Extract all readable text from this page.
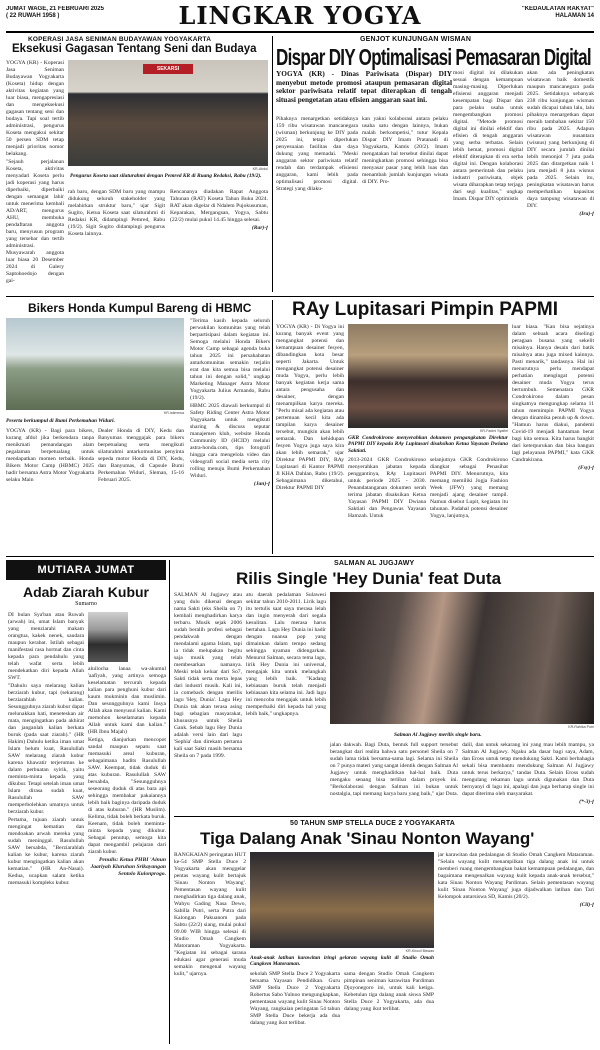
JUMAT WAGE, 21 FEBRUARI 2025
( 22 RUWAH 1958 )	LINGKAR YOGYA	"KEDAULATAN RAKYAT"
HALAMAN 14
KOPERASI JASA SENIMAN BUDAYAWAN YOGYAKARTA
Eksekusi Gagasan Tentang Seni dan Budaya

YOGYA (KR) - Koperasi Jasa Seniman Budayawan Yogyakarta (Koseta) hidup dengan aktivitas kegiatan yang luar biasa, mengapresiasi dan mengeksekusi gagasan tentang seni dan budaya. Tapi soal tertib administrasi, pengurus Koseta mengakui sekitar 50 persen SDM tetap menjadi prioritas nomor belakang.

"Sejauh perjalanan Koseta, aktivitas menyadari Koseta perlu jadi koperasi yang harus diperbaiki, diperbaiki dengan semangat lahir untuk menerima kembali AD/ART, mengurus AHU, membuka pendaftaran anggota baru, menyusun program yang tersebar dan tertib administrasi. Musyawarah anggota luar biasa 20 Desember 2024 di Galery Saptohoedojo dengan gai-

SEKARSI
KR-Abdul
Pengurus Koseta saat silaturahmi dengan Pemred KR di Ruang Redaksi, Rabu (19/2).

rah baru, dengan SDM baru yang mampu didukung seluruh stakeholder yang melahirkan struktur baru," ujar Sigit Sugito, Ketua Koseta saat silaturahmi di Redaksi KR, didampingi Pemred, Rabu (19/2). Sigit Sugito didampingi pengurus Koseta lainnya.

Rencananya diadakan Rapat Anggota Tahunan (RAT) Koseta Tahun Buku 2024. RAT akan digelar di Ndalem Pujokusuman, Keparakan, Mergangsan, Yogya, Sabtu (22/2) mulai pukul 14.45 hingga selesai.

(Rar)-f

GENJOT KUNJUNGAN WISMAN
Dispar DIY Optimalisasi Pemasaran Digital
YOGYA (KR) - Dinas Pariwisata (Dispar) DIY menyebut metode promosi ataupun pemasaran digital sektor pariwisata relatif tepat diterapkan di tengah situasi pengetatan atau efisien anggaran saat ini.

Pihaknya menargetkan setidaknya 159 ribu wisatawan mancanegara (wisman) berkunjung ke DIY pada 2025 ini, tetapi diperlukan penyesuaian fasilitas dan daya dukung yang memadai. "Meski anggaran sektor pariwisata relatif rendah dan terdampak efisiensi anggaran, kami lebih pada optimalisasi promosi digital. Strategi yang dilaku-

kan yakni kolaborasi antara pelaku usaha satu dengan lainnya, bukan malah berkompetisi," tutur Kepala Dispar DIY Imam Pratanadi di Yogyakarta, Kamis (20/2). Imam mengatakan hal tersebut dinilai dapat meningkatkan promosi sehingga bisa menyasar pasar yang lebih luas dan menambah jumlah kunjungan wisata di DIY. Pro-

mosi digital ini dilakukan sesuai dengan kemampuan masing-masing. Diperlukan efisiensi anggaran menjadi kesempatan bagi Dispar dan para pelaku usaha untuk mengembangkan promosi digital. "Metode promosi digital ini dinilai efektif dan efisien di tengah anggaran yang serba terbatas. Selain lebih hemat, promosi digital efektif diterapkan di era serba digital ini. Dengan kolaborasi antara pemerintah dan pelaku industri pariwisata, objek wisata diharapkan tetap terjaga dari segi kualitas," ungkap Imam. Dispar DIY optimistis

akan ada peningkatan wisatawan baik domestik maupun mancanegara pada 2025. Setidaknya sebanyak 238 ribu kunjungan wisman sudah dicapai tahun lalu, lalu pihaknya menargetkan dapat meraih tambahan sekitar 150 ribu pada 2025. Adapun wisatawan nusantara (wisnus) yang berkunjung di DIY secara jumlah dinilai lebih menonjol 7 juta pada 2025 dan ditargetkan naik 1 juta menjadi 8 juta wisnus pada 2025. Selain itu, peningkatan wisatawan harus memperhatikan kapasitas daya tampung wisatawan di DIY.

(Ira)-f

Bikers Honda Kumpul Bareng di HBMC
KR-istimewa
Peserta berkumpul di Bumi Perkemahan Widuri.

YOGYA (KR) - Bagi para bikers, kurang afdol jika berkendara tanpa menikmati pemandangan alam pegalaman berpetualang untuk mendapatkan momen terbaik. Honda Bikers Motor Camp (HBMC) 2025 hadir bersama Astra Motor Yogyakarta selaku Main

Dealer Honda di DIY, Kedu dan Banyumas menggajak para bikers berpetualang serta mengikuti silaturahmi antarkomunitas penyinta sepeda motor Honda di DIY, Kedu, dan Banyumas, di Capsule Bumi Perkemahan Widuri, Sleman, 15-16 Februari 2025.

"Terima kasih kepada seluruh perwakilan komunitas yang telah berpartisipasi dalam kegiatan ini. Semoga melalui Honda Bikers Motor Camp sebagai agenda buka tahun 2025 ini persahabatan antarkomunitas semakin terjalin erat dan kita semua bisa melalui tahun ini dengan solid," ungkap Marketing Manager Astra Motor Yogyakarta Julius Armando, Rabu (19/2).

HBMC 2025 diawali berkumpul di Safety Riding Center Astra Motor Yogyakarta untuk mengikuti sharing & discuss seputar manajemen klub, website Honda Community ID (HCID) melalui astra-honda.com, tips fotografi hingga cara mengelola video dan videografi social media serta city rolling menuju Bumi Perkemahan Widuri.

(Jan)-f

RAy Lupitasari Pimpin PAPMI

YOGYA (KR) - Di Yogya ini kurang banyak event yang mengangkat potensi dan kemampuan desainer fesyen, dibandingkan kota besar seperti Jakarta. Untuk mengangkat potensi desainer muda Yogya, perlu lebih banyak kegiatan kerja sama antara pengusaha dan desainer, dengan menampilkan karya mereka. "Perlu misal ada kegiatan atau pertemuan kecil kita ada tampilan karya desainer tersebut, mungkin akan lebih semarak. Dan kehidupan fesyen Yogya juga saya kira akan lebih semarak," ujar Direktur PAPMI DIY, RAy Lupitasari di Kantor PAPMI Jl KHA Dahlan, Rabu (19/2). Sebagaimana diketahui, Direktur PAPMI DIY

KR-Fadmi Syafiei
GKR Condrokirono menyerahkan dokumen pengangkatan Direktur PAPMI DIY kepada RAy Lupitasari disaksikan Ketua Yayasan Dwiana Saktiati.

2013-2024 GKR Condrokirono menyerahkan jabatan kepada penggantinya, RAy Lupitasari untuk periode 2025 - 2030. Penandatanganan dokumen serah terima jabatan disaksikan Ketua Yayasan PAPMI DIY Dwiana Saktiati dan Pengawas Yayasan Hamzah. Untuk

selanjutnya GKR Condrokirono diangkat sebagai Penasihat PAPMI DIY. Menurutnya, kita memang memiliki Jogja Fashion Week (JFW) yang memang menjadi ajang desainer tampil. Namun disebut Lupit, kegiatan itu tahunan. Padahal potensi desainer Yogya, lanjutnya,

luar biasa. "Kan bisa sejatinya dalam sebuah acara diselingi peragaan busana yang sekelit misalnya. Hanya desain dari batik misalnya atau juga mixed kainnya. Pasti menarik," tandasnya. Hal ini menurutnya perlu mendapat perhatian mengingat potensi desainer muda Yogya terus bertumbuh. Semenatara GKR Condrokirono dalam pesan singkatnya mengungkap selama 11 tahun memimpin PAPMI Yogya dengan dinamika penuh up & down. "Hamun harus diakui, pandemi Covid-19 menjadi hantaman berat bagi kita semua. Kita harus bangkit dari keterpurukan dan bisa bangun lagi pelayanan PAPMI," kata GKR Candrakirana.

(Fsy)-f

MUTIARA JUMAT
Adab Ziarah Kubur
Sumarno

DI bulan Sya'ban atau Ruwah (arwah) ini, umat Islam banyak yang menziarahi makam orangtua, kakek nenek, saudara maupun kerabat. Istilah sebagai manifestasi rasa hormat dan cinta kepada para pendahulu yang telah wafat serta lebih mendekatkan diri kepada Allah SWT.

"Dahulu saya melarang kalian berziarah kubur, tapi (sekarang) berziarahlah kalian. Sesungguhnya ziarah kubur dapat melunakkan hati, meneteskan air mata, mengingatkan pada akhirat dan janganlah kalian berkata buruk (pada saat ziarah)." (HR Hakim) Dahulu ketika iman umat Islam belum kuat, Rasulullah SAW melarang ziarah kubur karena khawatir terjerumus ke dalam perbuatan syirik, yaitu meminta-minta kepada yang dikubur. Tetapi setelah iman umat Islam dirasa sudah kuat, Rasulullah SAW memperbolehkan umatnya untuk berziarah kubur.

Pertama, tujuan ziarah untuk mengingat kematian dan mendoakan arwah mereka yang sudah meninggal. Rasulullah SAW bersabda, "Berziarahlah kalian ke kubur, karena ziarah kubur mengingatkan kalian akan kematian." (HR An-Nasai). Kedua, ucapkan salam ketika memasuki kompleks kubur.

aluilocha lanaa wa-akumul 'aafiyah, yang artinya semoga keselamatan tercurah kepada kalian para penghuni kubur dari kaum mukminin dan muslimin. Dan sesungguhnya kami Insya Allah akan menyusul kalian. Kami memohon keselamatan kepada Allah untuk kami dan kalian." (HR Ibnu Majah)

Ketiga, dianjurkan mencopot sandal maupun sepatu saat memasuki areal kuburan, sebagaimana hadits Rasulullah SAW. Keempat, tidak duduk di atas kuburan. Rasulullah SAW bersabda, "Sesungguhnya seseorang duduk di atas bara api sehingga membakar pakaiannya lebih baik baginya daripada duduk di atas kuburan." (HR Muslim). Kelima, tidak boleh berkata buruk. Keenam, tidak boleh meminta-minta kepada yang dikubur. Sebagai penutup, semoga kita dapat mengambil pelajaran dari ziarah kubur.

Penulis: Ketua PHBI 'Ainun Jaariyah Kluruhan Srikayangan Sentolo Kulonprogo.

SALMAN AL JUGJAWY
Rilis Single 'Hey Dunia' feat Duta

SALMAN Al Jugjawy atau yang dulu dikenal dengan nama Sakti (eks Sheila on 7) kembali menghadirkan karya terbaru. Musik sejak 2006 sudah beralih profesi sebagai pendakwah dengan mendalami agama Islam, tapi ia tidak melupakan begitu saja musik yang telah membesarkan namanya. Meski telah keluar dari So7, Sakti tidak serta merta lepas dari industri musik. Kali ini, ia comeback dengan merilis lagu 'Hey, Dunia'. Lagu Hey Dunia tak akan terasa asing bagi sebagian masyarakat, khususnya untuk Sheila Gank. Sebab lagu Hey Dunia adalah versi lain dari lagu 'Sephia' dan direkam pertama kali saat Sakti masih bersama Sheila on 7 pada 1999.

atu daerah pedalaman Sulawesi sekitar tahun 2010-2011. Lirik lagu itu tertulis saat saya merasa lelah dan ingin menyerah dari segala kesulitan. Lalu merasa harus bertahan. Lagu Hey Dunia ini hadir dengan nuansa pop yang dimainkan dalam tempo sedang sehingga nyaman didengarkan. Menurut Salman, secara tema lagu, lirik Hey Dunia ini universal, mengajak kita untuk melangkah yang lebih baik. "Kadang kebiasaan buruk telah menjadi kebiasaan kita selama ini. Jadi lagu ini mencoba mengajak untuk lebih memperbaiki diri kepada hal yang lebih baik," ungkapnya.

KR-Rahika Putri
Salman Al Jugjawy merilis single baru.

jalan dakwah. Bagi Duta, bentuk full support tersebut berangkat dari realita bahwa satu personel Sheila on 7 sudah lama tidak bersama-sama lagi. Selama ini Sheila on 7 punya materi yang sangat identik dengan Salman Al Jugjawy untuk menghadirkan hal-hal baik. Duta mengaku senang bisa terlibat dalam proyek ini. "Berkolaborasi dengan Salman ini bukan untuk nostalgia, tapi memang karya baru yang baik," ujar Duta.

dalil, dan untuk sekarang ini yang mau lebih mampu, ya Salman Al Jugjawy. Ngaku ada dasar bagi saya, Adam, dan Eross untuk tetap mendukung Sakti. Kami berbahagia sekali bisa membantu mendukung Salman Al Jugjawy untuk terus berkarya," tandas Duta. Selain Eross sudah mengulang rekaman lagu untuk digunakan dan Duta bernyanyi di lagu ini, apalagi dan juga berharap single ini dapat diterima oleh masyarakat.

(*-3)-f

50 TAHUN SMP STELLA DUCE 2 YOGYAKARTA
Tiga Dalang Anak 'Sinau Nonton Wayang'

RANGKAIAN peringatan HUT ke-54 SMP Stella Duce 2 Yogyakarta akan menggelar pentas wayang kulit bertajuk 'Sinau Nonton Wayang'. Pementasan wayang kulit menghadirkan tiga dalang anak, Wahyu Gading Nasa Dewo, Sabilla Putri, serta Putra dari Kalongan Pakuanom pada Sabtu (22/2) siang, mulai pukul 09.00 WIB hingga selesai di Studio Omah Cangkem Matoraman Yogyakarta. "Kegiatan ini sebagai sarana edukasi agar generasi muda semakin mengenal wayang kulit," ujarnya.

KR-Khocil Biswas
Anak-anak latihan karawitan iringi gelaran wayang kulit di Studio Omah Cangkem Matoraman.

sekolah SMP Stella Duce 2 Yogyakarta bersama Yayasan Pendidikan. Guru SMP Stella Duce 2 Yogyakarta Robertus Sabo Yulnoo mengungkapkan, pementasan wayang kulit Sinau Nonton Wayang, rangkaian peringatan 54 tahun SMP Stella Duce bekerja ada dua dalang yang ikut terlibat.

sama dengan Studio Omah Cangkem pimpinan seniman karawitan Pardiman Djoyonegoro ini, untuk kali ketiga. Kebetulan tiga dalang anak siswa SMP Stella Duce 2 Yogyakarta, ada dua dalang yang ikut terlibat.

jar karawitan dan pedalangan di Studio Omah Cangkem Mataraman. "Selain wayang kulit menampilkan tiga dalang anak ini untuk memberi ruang mengembangkan bakat kemampuan pedalangan, dan bagaimana mengenalkan wayang kulit kepada anak-anak tersebut," kata Sinau Nonton Wayang Pardiman. Selain pementasan wayang kulit 'Sinau Nonton Wayang' juga dijadwalkan latihan dan Tari Kelompok antarsiswa SD, Kamis (20/2).

(Cil)-f
